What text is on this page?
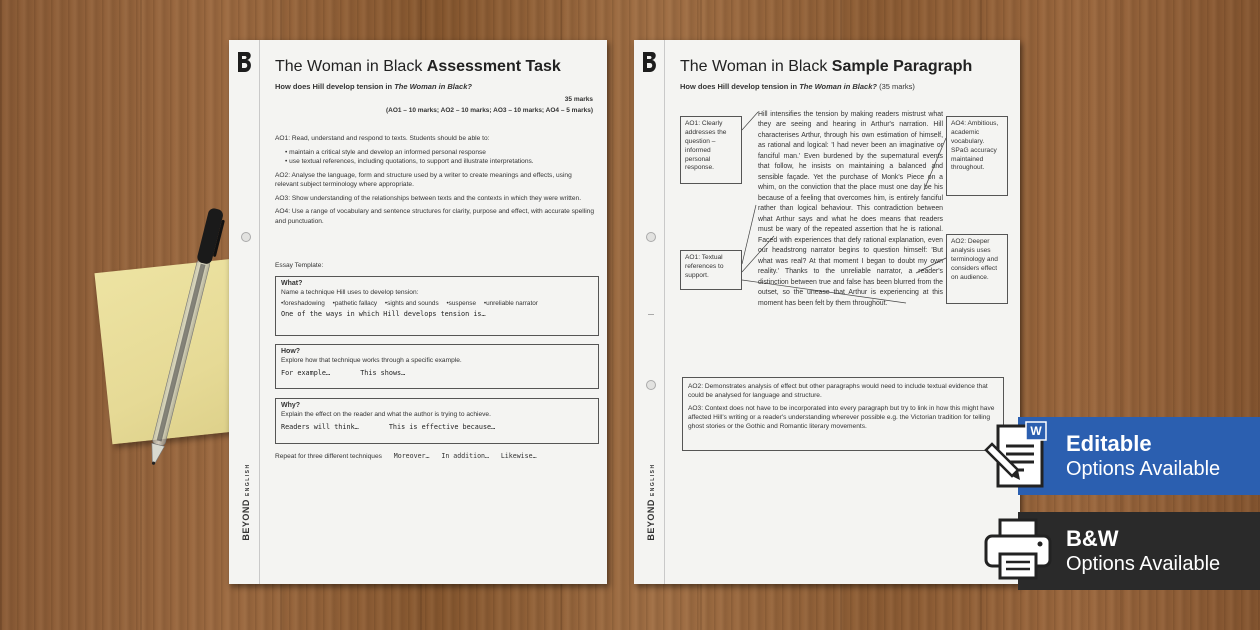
BEYONDENGLISH
The Woman in Black Assessment Task
How does Hill develop tension in The Woman in Black?
35 marks
(AO1 – 10 marks; AO2 – 10 marks; AO3 – 10 marks; AO4 – 5 marks)

AO1: Read, understand and respond to texts. Students should be able to:

• maintain a critical style and develop an informed personal response
• use textual references, including quotations, to support and illustrate interpretations.

AO2: Analyse the language, form and structure used by a writer to create meanings and effects, using relevant subject terminology where appropriate.

AO3: Show understanding of the relationships between texts and the contexts in which they were written.

AO4: Use a range of vocabulary and sentence structures for clarity, purpose and effect, with accurate spelling and punctuation.

Essay Template:
What?
Name a technique Hill uses to develop tension:
•foreshadowing •pathetic fallacy •sights and sounds •suspense •unreliable narrator
One of the ways in which Hill develops tension is…
How?
Explore how that technique works through a specific example.
For example…	This shows…
Why?
Explain the effect on the reader and what the author is trying to achieve.
Readers will think…	This is effective because…
Repeat for three different techniques Moreover… In addition… Likewise…
BEYONDENGLISH
The Woman in Black Sample Paragraph
How does Hill develop tension in The Woman in Black? (35 marks)
AO1: Clearly addresses the question – informed personal response.
AO1: Textual references to support.
AO4: Ambitious, academic vocabulary. SPaG accuracy maintained throughout.
AO2: Deeper analysis uses terminology and considers effect on audience.
Hill intensifies the tension by making readers mistrust what they are seeing and hearing in Arthur's narration. Hill characterises Arthur, through his own estimation of himself, as rational and logical: 'I had never been an imaginative or fanciful man.' Even burdened by the supernatural events that follow, he insists on maintaining a balanced and sensible façade. Yet the purchase of Monk's Piece on a whim, on the conviction that the place must one day be his because of a feeling that overcomes him, is entirely fanciful rather than logical behaviour. This contradiction between what Arthur says and what he does means that readers must be wary of the repeated assertion that he is rational. Faced with experiences that defy rational explanation, even our headstrong narrator begins to question himself: 'But what was real? At that moment I began to doubt my own reality.' Thanks to the unreliable narrator, a reader's distinction between true and false has been blurred from the outset, so the unease that Arthur is experiencing at this moment has been felt by them throughout.

AO2: Demonstrates analysis of effect but other paragraphs would need to include textual evidence that could be analysed for language and structure.

AO3: Context does not have to be incorporated into every paragraph but try to link in how this might have affected Hill's writing or a reader's understanding wherever possible e.g. the Victorian tradition for telling ghost stories or the Gothic and Romantic literary movements.

Editable
Options Available
W
B&W
Options Available
